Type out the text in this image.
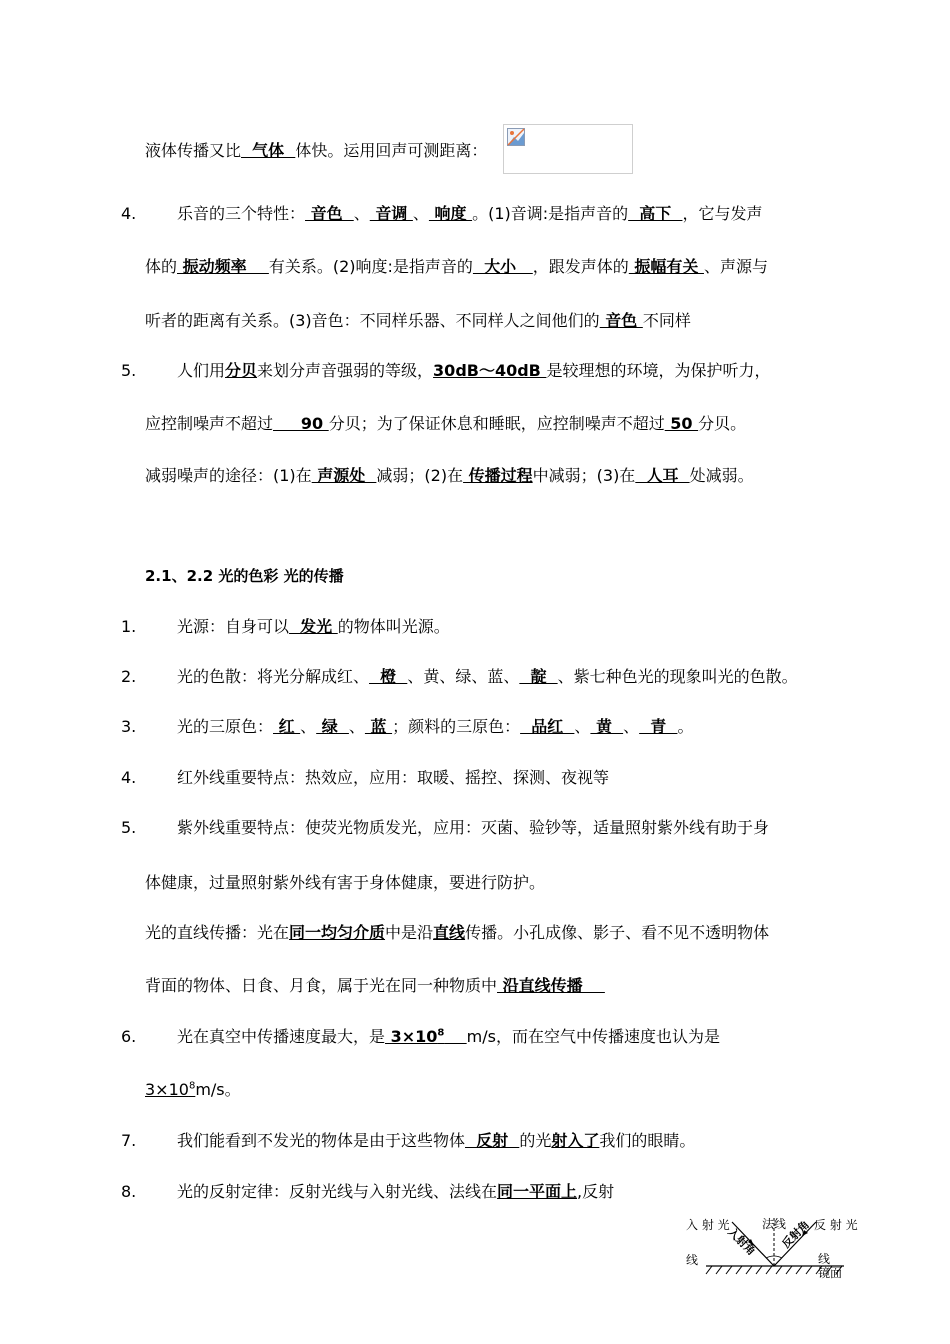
液体传播又比  气体  体快。运用回声可测距离：
4.	乐音的三个特性： 音色  、 音调 、 响度 。(1)音调:是指声音的  高下  ，它与发声
体的 振动频率    有关系。(2)响度:是指声音的  大小   ，跟发声体的 振幅有关 、声源与
听者的距离有关系。(3)音色：不同样乐器、不同样人之间他们的 音色 不同样
5.	人们用分贝来划分声音强弱的等级，30dB～40dB 是较理想的环境，为保护听力，
应控制噪声不超过     90 分贝；为了保证休息和睡眠，应控制噪声不超过 50 分贝。
减弱噪声的途径：(1)在 声源处  减弱；(2)在 传播过程中减弱；(3)在  人耳  处减弱。
2.1、2.2 光的色彩 光的传播
1.	光源：自身可以  发光 的物体叫光源。
2.	光的色散：将光分解成红、  橙  、黄、绿、蓝、  靛  、紫七种色光的现象叫光的色散。
3.	光的三原色： 红 、 绿  、 蓝 ；颜料的三原色：  品红  、 黄  、  青  。
4.	红外线重要特点：热效应，应用：取暖、摇控、探测、夜视等
5.	紫外线重要特点：使荧光物质发光，应用：灭菌、验钞等，适量照射紫外线有助于身
体健康，过量照射紫外线有害于身体健康，要进行防护。
光的直线传播：光在同一均匀介质中是沿直线传播。小孔成像、影子、看不见不透明物体
背面的物体、日食、月食，属于光在同一种物质中 沿直线传播
6.	光在真空中传播速度最大，是 $3\times 10^8$ m/s，而在空气中传播速度也认为是
$3\times 10^8m/s$。
7.	我们能看到不发光的物体是由于这些物体  反射  的光射入了我们的眼睛。
8.	光的反射定律：反射光线与入射光线、法线在同一平面上,反射
入 射 光	法线 反 射 光
线	线
镜面
入射角 反射角
